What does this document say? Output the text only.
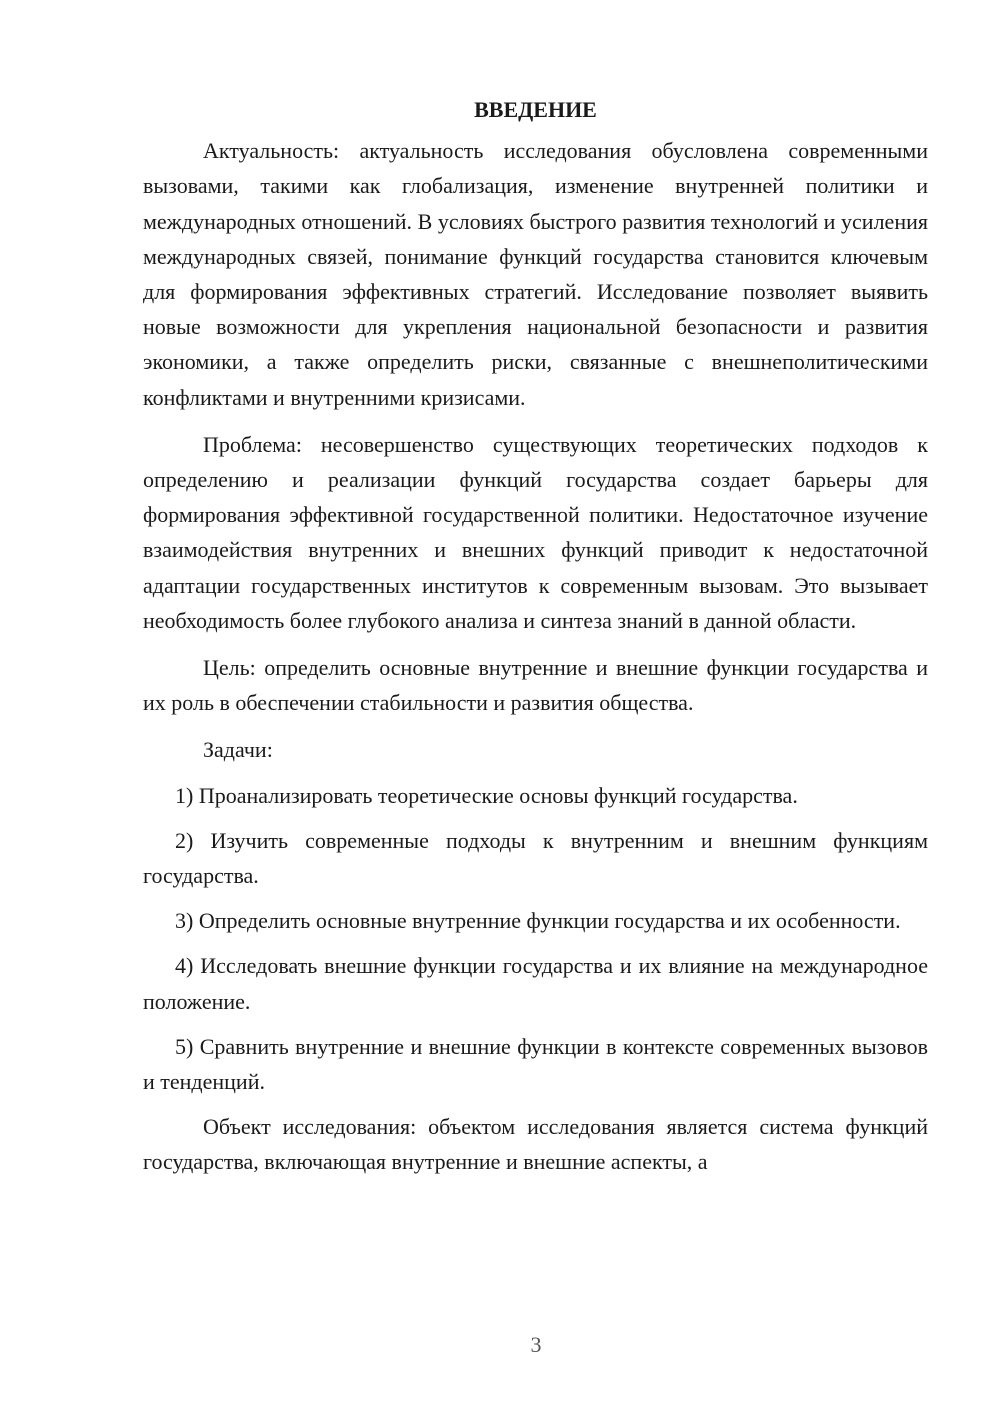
ВВЕДЕНИЕ

Актуальность: актуальность исследования обусловлена современными вызовами, такими как глобализация, изменение внутренней политики и международных отношений. В условиях быстрого развития технологий и усиления международных связей, понимание функций государства становится ключевым для формирования эффективных стратегий. Исследование позволяет выявить новые возможности для укрепления национальной безопасности и развития экономики, а также определить риски, связанные с внешнеполитическими конфликтами и внутренними кризисами.

Проблема: несовершенство существующих теоретических подходов к определению и реализации функций государства создает барьеры для формирования эффективной государственной политики. Недостаточное изучение взаимодействия внутренних и внешних функций приводит к недостаточной адаптации государственных институтов к современным вызовам. Это вызывает необходимость более глубокого анализа и синтеза знаний в данной области.

Цель: определить основные внутренние и внешние функции государства и их роль в обеспечении стабильности и развития общества.

Задачи:

1) Проанализировать теоретические основы функций государства.

2) Изучить современные подходы к внутренним и внешним функциям государства.

3) Определить основные внутренние функции государства и их особенности.

4) Исследовать внешние функции государства и их влияние на международное положение.

5) Сравнить внутренние и внешние функции в контексте современных вызовов и тенденций.

Объект исследования: объектом исследования является система функций государства, включающая внутренние и внешние аспекты, а

3
